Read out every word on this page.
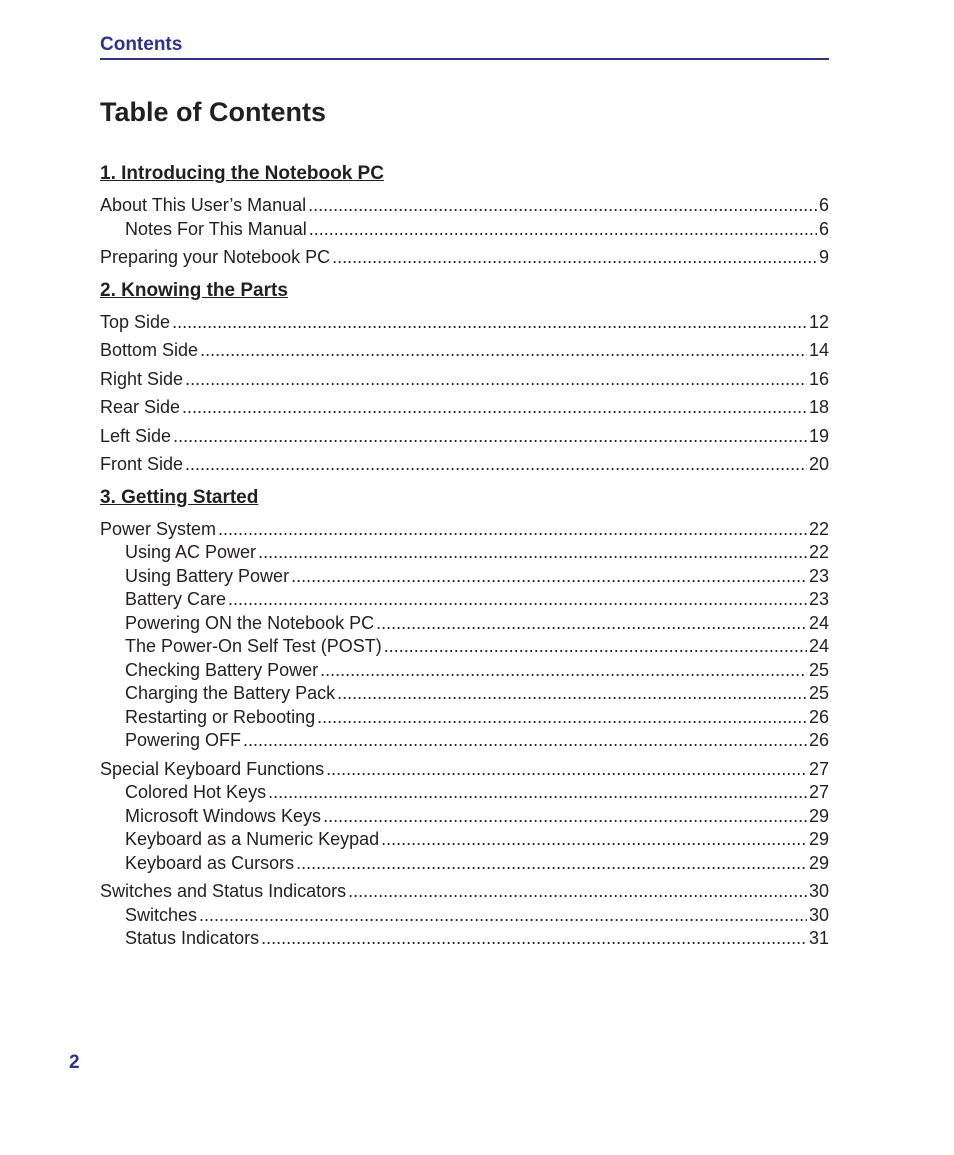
Contents
Table of Contents
1. Introducing the Notebook PC
About This User’s Manual .....	6
Notes For This Manual .....	6
Preparing your Notebook PC .....	9
2. Knowing the Parts
Top Side .....	12
Bottom Side .....	14
Right Side .....	16
Rear Side .....	18
Left Side .....	19
Front Side .....	20
3. Getting Started
Power System .....	22
Using AC Power .....	22
Using Battery Power .....	23
Battery Care .....	23
Powering ON the Notebook PC .....	24
The Power-On Self Test (POST) .....	24
Checking Battery Power .....	25
Charging the Battery Pack .....	25
Restarting or Rebooting .....	26
Powering OFF .....	26
Special Keyboard Functions .....	27
Colored Hot Keys .....	27
Microsoft Windows Keys .....	29
Keyboard as a Numeric Keypad .....	29
Keyboard as Cursors .....	29
Switches and Status Indicators .....	30
Switches .....	30
Status Indicators .....	31
2
